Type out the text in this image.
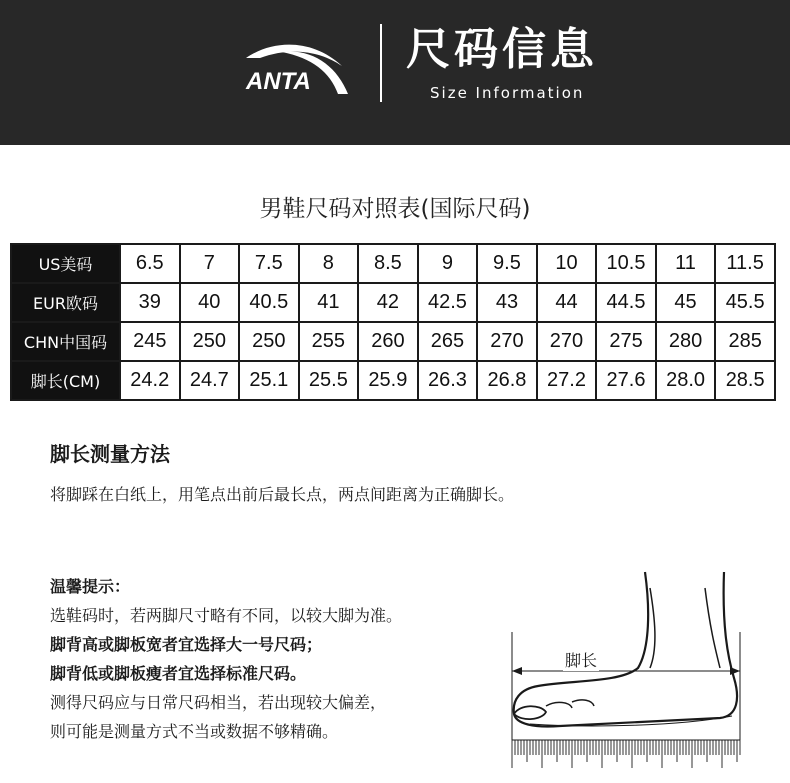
ANTA
尺码信息
Size Information
男鞋尺码对照表(国际尺码)
US美码	6.5	7	7.5	8	8.5	9	9.5	10	10.5	11	11.5
EUR欧码	39	40	40.5	41	42	42.5	43	44	44.5	45	45.5
CHN中国码	245	250	250	255	260	265	270	270	275	280	285
脚长(CM)	24.2	24.7	25.1	25.5	25.9	26.3	26.8	27.2	27.6	28.0	28.5
脚长测量方法
将脚踩在白纸上，用笔点出前后最长点，两点间距离为正确脚长。
温馨提示：
选鞋码时，若两脚尺寸略有不同，以较大脚为准。
脚背高或脚板宽者宜选择大一号尺码；
脚背低或脚板瘦者宜选择标准尺码。
测得尺码应与日常尺码相当，若出现较大偏差，
则可能是测量方式不当或数据不够精确。
脚长
